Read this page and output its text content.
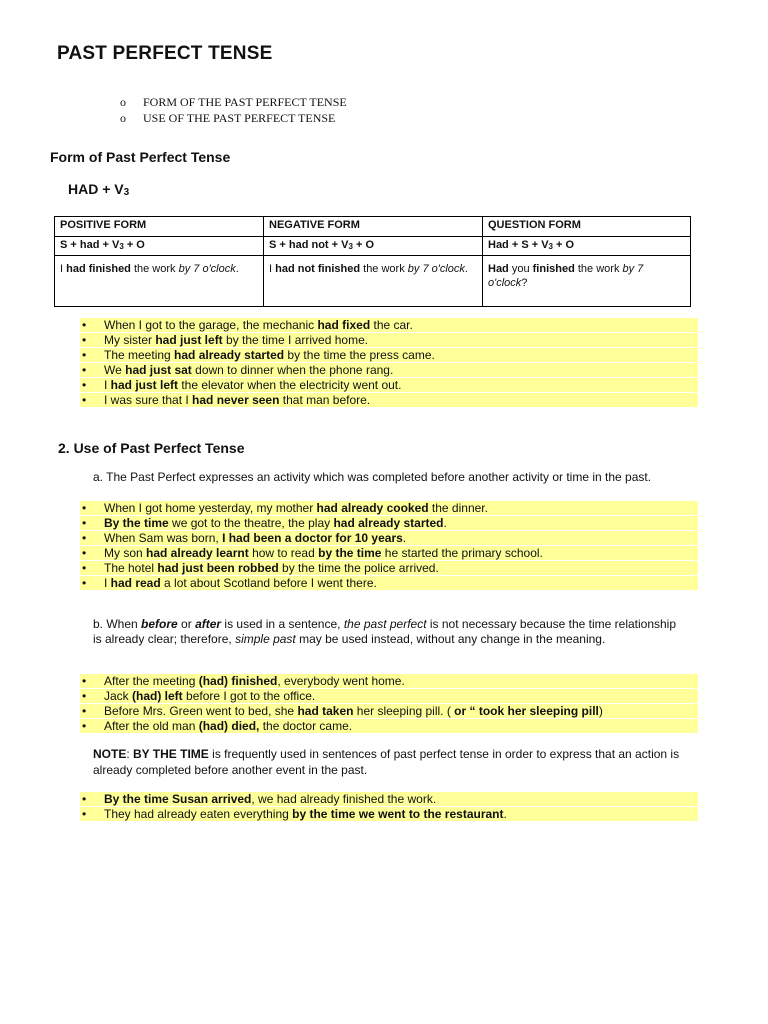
PAST PERFECT TENSE
o	FORM OF THE PAST PERFECT TENSE
o	USE OF THE PAST PERFECT TENSE
Form of Past Perfect Tense
HAD + $V_3$
POSITIVE FORM	NEGATIVE FORM	QUESTION FORM
S + had + $V_3 + O$	S + had not + $V_3 + O$	Had + $S + V_3 + O$
I had finished the work by 7 o'clock.	I had not finished the work by 7 o'clock.	Had you finished the work by 7 o'clock?
•	When I got to the garage, the mechanic had fixed the car.
•	My sister had just left by the time I arrived home.
•	The meeting had already started by the time the press came.
•	We had just sat down to dinner when the phone rang.
•	I had just left the elevator when the electricity went out.
•	I was sure that I had never seen that man before.
2. Use of Past Perfect Tense
a. The Past Perfect expresses an activity which was completed before another activity or time in the past.
•	When I got home yesterday, my mother had already cooked the dinner.
•	By the time we got to the theatre, the play had already started.
•	When Sam was born, I had been a doctor for 10 years.
•	My son had already learnt how to read by the time he started the primary school.
•	The hotel had just been robbed by the time the police arrived.
•	I had read a lot about Scotland before I went there.
b. When before or after is used in a sentence, the past perfect is not necessary because the time relationship is already clear; therefore, simple past may be used instead, without any change in the meaning.
•	After the meeting (had) finished, everybody went home.
•	Jack (had) left before I got to the office.
•	Before Mrs. Green went to bed, she had taken her sleeping pill. ( or “ took her sleeping pill)
•	After the old man (had) died, the doctor came.
NOTE: BY THE TIME is frequently used in sentences of past perfect tense in order to express that an action is already completed before another event in the past.
•	By the time Susan arrived, we had already finished the work.
•	They had already eaten everything by the time we went to the restaurant.
